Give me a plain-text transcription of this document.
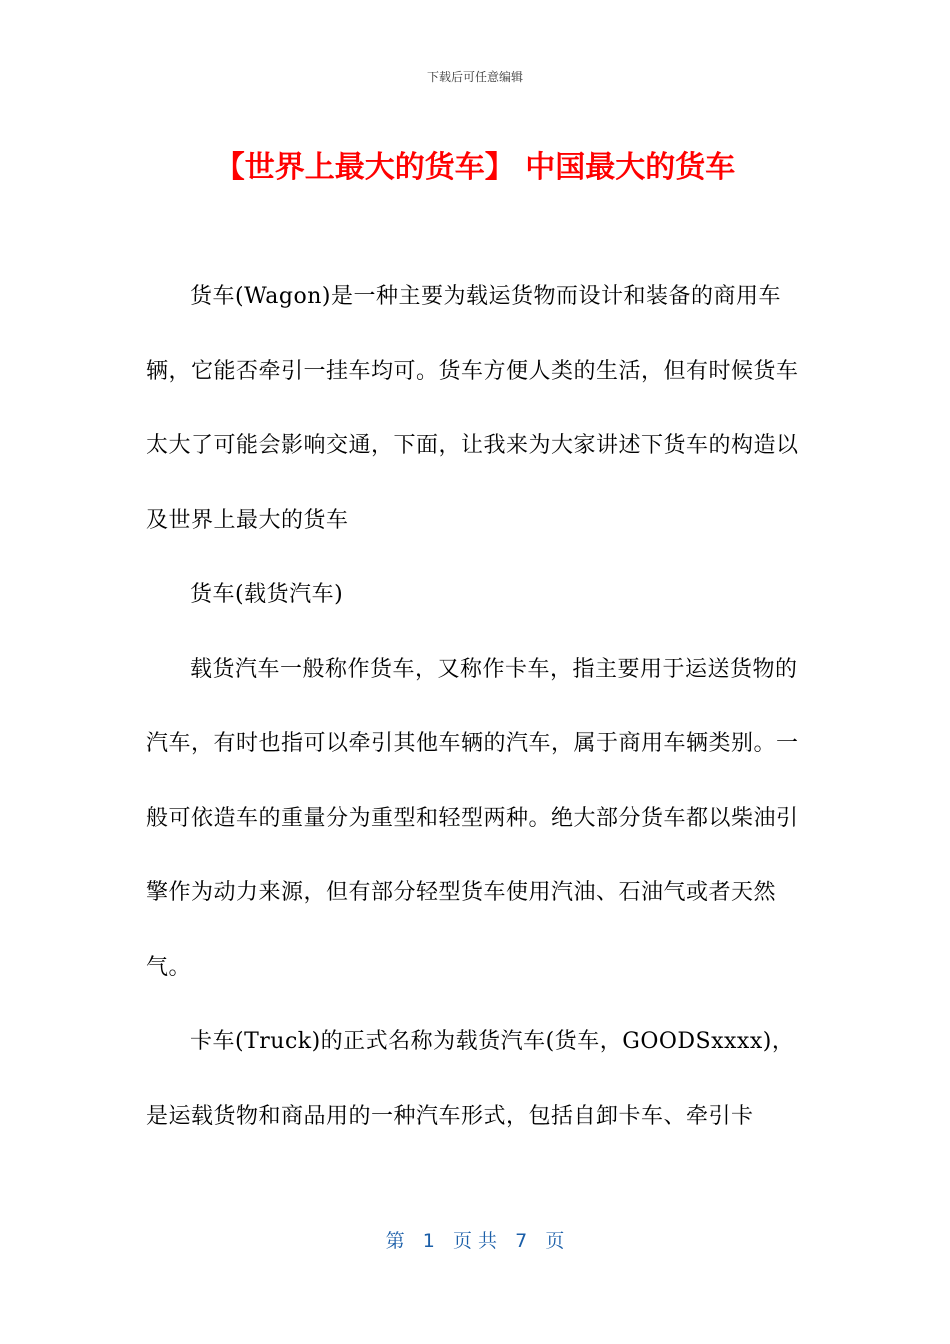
下载后可任意编辑
【世界上最大的货车】 中国最大的货车

货车(Wagon)是一种主要为载运货物而设计和装备的商用车辆，它能否牵引一挂车均可。货车方便人类的生活，但有时候货车太大了可能会影响交通，下面，让我来为大家讲述下货车的构造以及世界上最大的货车

货车(载货汽车)

载货汽车一般称作货车，又称作卡车，指主要用于运送货物的汽车，有时也指可以牵引其他车辆的汽车，属于商用车辆类别。一般可依造车的重量分为重型和轻型两种。绝大部分货车都以柴油引擎作为动力来源，但有部分轻型货车使用汽油、石油气或者天然气。

卡车(Truck)的正式名称为载货汽车(货车，GOODSxxxx)，是运载货物和商品用的一种汽车形式，包括自卸卡车、牵引卡

第 1 页 共 7 页
